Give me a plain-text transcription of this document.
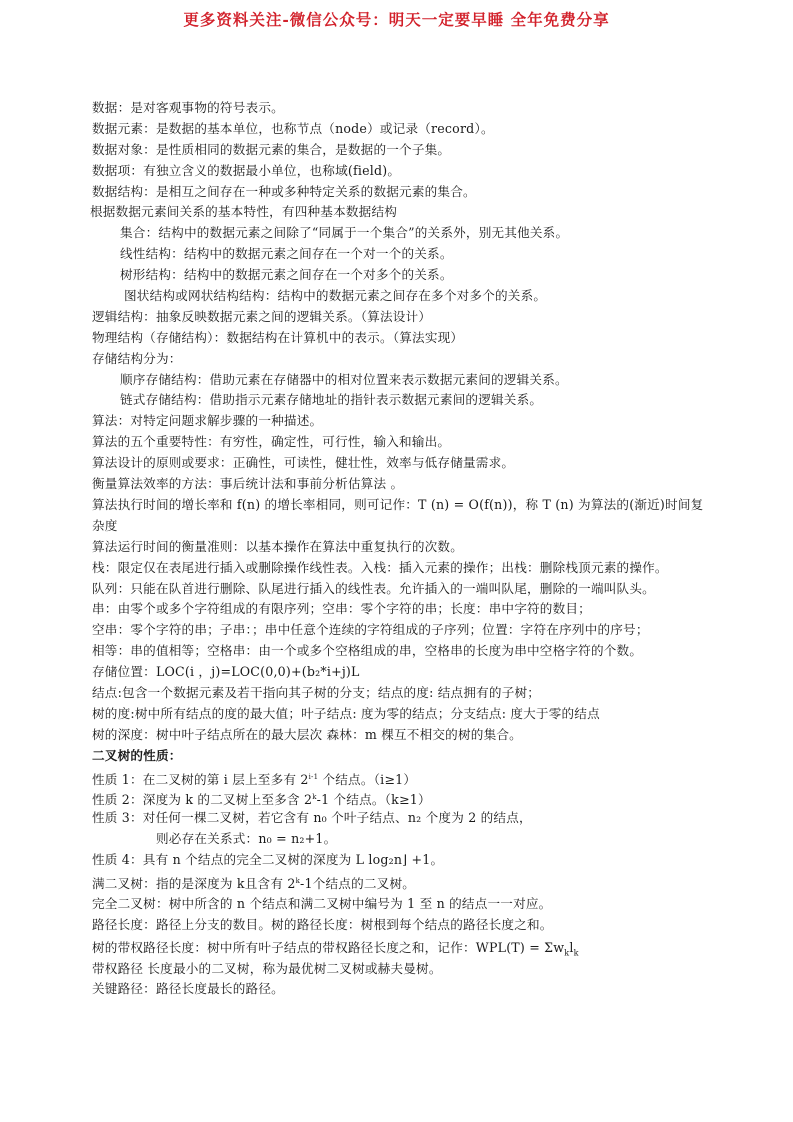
更多资料关注-微信公众号：明天一定要早睡 全年免费分享
数据：是对客观事物的符号表示。
数据元素：是数据的基本单位，也称节点（node）或记录（record）。
数据对象：是性质相同的数据元素的集合，是数据的一个子集。
数据项：有独立含义的数据最小单位，也称域(field)。
数据结构：是相互之间存在一种或多种特定关系的数据元素的集合。
根据数据元素间关系的基本特性，有四种基本数据结构
集合：结构中的数据元素之间除了“同属于一个集合”的关系外，别无其他关系。
线性结构：结构中的数据元素之间存在一个对一个的关系。
树形结构：结构中的数据元素之间存在一个对多个的关系。
图状结构或网状结构结构：结构中的数据元素之间存在多个对多个的关系。
逻辑结构：抽象反映数据元素之间的逻辑关系。（算法设计）
物理结构（存储结构）：数据结构在计算机中的表示。（算法实现）
存储结构分为：
顺序存储结构：借助元素在存储器中的相对位置来表示数据元素间的逻辑关系。
链式存储结构：借助指示元素存储地址的指针表示数据元素间的逻辑关系。
算法：对特定问题求解步骤的一种描述。
算法的五个重要特性：有穷性，确定性，可行性，输入和输出。
算法设计的原则或要求：正确性，可读性，健壮性，效率与低存储量需求。
衡量算法效率的方法：事后统计法和事前分析估算法 。
算法执行时间的增长率和 f(n) 的增长率相同，则可记作：T (n) = O(f(n))，称 T (n) 为算法的(渐近)时间复杂度
算法运行时间的衡量准则：以基本操作在算法中重复执行的次数。
栈：限定仅在表尾进行插入或删除操作线性表。入栈：插入元素的操作；出栈：删除栈顶元素的操作。
队列：只能在队首进行删除、队尾进行插入的线性表。允许插入的一端叫队尾，删除的一端叫队头。
串：由零个或多个字符组成的有限序列；空串：零个字符的串；长度：串中字符的数目；
空串：零个字符的串；子串：；串中任意个连续的字符组成的子序列；位置：字符在序列中的序号；
相等：串的值相等；空格串：由一个或多个空格组成的串，空格串的长度为串中空格字符的个数。
存储位置：LOC(i ，j)=LOC(0,0)+(b₂*i+j)L
结点:包含一个数据元素及若干指向其子树的分支；结点的度: 结点拥有的子树；
树的度:树中所有结点的度的最大值；叶子结点: 度为零的结点；分支结点: 度大于零的结点
树的深度：树中叶子结点所在的最大层次 森林：m 棵互不相交的树的集合。
二叉树的性质：
性质 1：在二叉树的第 i 层上至多有 2$^{i-1}$ 个结点。（i≥1）
性质 2：深度为 k 的二叉树上至多含 2$^k$-1 个结点。（k≥1）
性质 3：对任何一棵二叉树，若它含有 n₀ 个叶子结点、n₂ 个度为 2 的结点，
则必存在关系式：n₀ = n₂+1。
性质 4：具有 n 个结点的完全二叉树的深度为 L log₂n⌋ +1。
满二叉树：指的是深度为 k且含有 2$^k$-1个结点的二叉树。
完全二叉树：树中所含的 n 个结点和满二叉树中编号为 1 至 n 的结点一一对应。
路径长度：路径上分支的数目。树的路径长度：树根到每个结点的路径长度之和。
树的带权路径长度：树中所有叶子结点的带权路径长度之和，记作：$WPL(T) = \Sigma w_kl_k$
带权路径 长度最小的二叉树，称为最优树二叉树或赫夫曼树。
关键路径：路径长度最长的路径。
